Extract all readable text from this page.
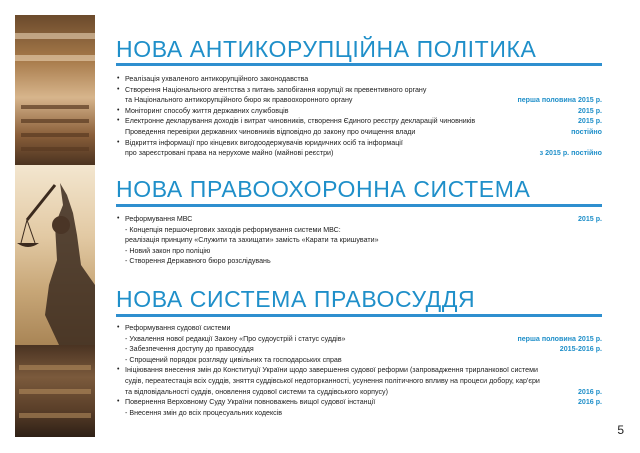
НОВА АНТИКОРУПЦІЙНА ПОЛІТИКА
• Реалізація ухваленого антикорупційного законодавства
• Створення Національного агентства з питань запобігання корупції як превентивного органу
та Національного антикорупційного бюро як правоохоронного органу	перша половина 2015 р.
• Моніторинг способу життя державних службовців	2015 р.
• Електронне декларування доходів і витрат чиновників, створення Єдиного реєстру декларацій чиновників	2015 р.
Проведення перевірки державних чиновників відповідно до закону про очищення влади	постійно
• Відкриття інформації про кінцевих вигодоодержувачів юридичних осіб та інформації
про зареєстровані права на нерухоме майно (майнові реєстри)	з 2015 р. постійно
НОВА ПРАВООХОРОННА СИСТЕМА
• Реформування МВС	2015 р.
- Концепція першочергових заходів реформування системи МВС:
реалізація принципу «Служити та захищати» замість «Карати та кришувати»
- Новий закон про поліцію
- Створення Державного бюро розслідувань
НОВА СИСТЕМА ПРАВОСУДДЯ
• Реформування судової системи
- Ухвалення нової редакції Закону «Про судоустрій і статус суддів»	перша половина 2015 р.
- Забезпечення доступу до правосуддя	2015-2016 р.
- Спрощений порядок розгляду цивільних та господарських справ
• Ініціювання внесення змін до Конституції України щодо завершення судової реформи (запровадження трирланкової системи
судів, переатестація всіх суддів, зняття суддівської недоторканності, усунення політичного впливу на процеси добору, кар'єри
та відповідальності суддів, оновлення судової системи та суддівського корпусу)	2016 р.
• Повернення Верховному Суду України повноважень вищої судової інстанції	2016 р.
- Внесення змін до всіх процесуальних кодексів
5
